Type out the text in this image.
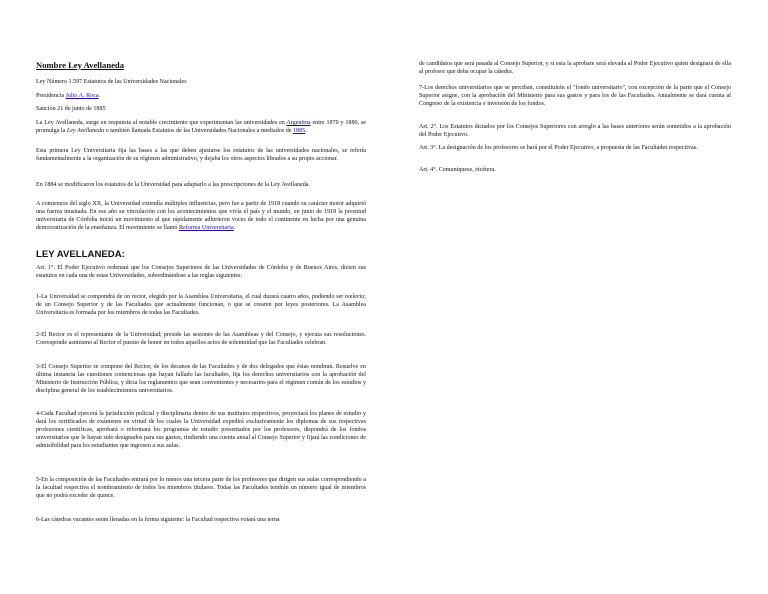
Nombre Ley Avellaneda

Ley Número 1.597 Estatutos de las Universidades Nacionales

Presidencia Julio A. Roca.

Sanción 21 de junio de 1885

La Ley Avellaneda, surge en respuesta al notable crecimiento que experimentan las universidades en Argentina entre 1870 y 1880, se promulga la Ley Avellaneda o también llamada Estatutos de las Universidades Nacionales a mediados de 1885.

Esta primera Ley Universitaria fija las bases a las que deben ajustarse los estatutos de las universidades nacionales, se refería fundamentalmente a la organización de su régimen administrativo, y dejaba los otros aspectos librados a su propio accionar.

En 1884 se modificaron los estatutos de la Universidad para adaptarlo a las prescripciones de la Ley Avellaneda.

A comienzos del siglo XX, la Universidad extendía múltiples influencias, pero fue a partir de 1918 cuando su carácter motor adquirió una fuerza inusitada. En ese año su vinculación con los acontecimientos que vivía el país y el mundo, en junio de 1918 la juventud universitaria de Córdoba inició un movimiento al que rápidamente adhirieron voces de todo el continente en lucha por una genuina democratización de la enseñanza. El movimiento se llamó Reforma Universitaria.

LEY AVELLANEDA:

Art. 1°. El Poder Ejecutivo ordenará que los Consejos Superiores de las Universidades de Córdoba y de Buenos Aires, dicten sus estatutos en cada una de estas Universidades, subordinándose a las reglas siguientes:

1-La Universidad se compondrá de un rector, elegido por la Asamblea Universitaria, el cual durará cuatro años, pudiendo ser reelecto; de un Consejo Superior y de las Facultades que actualmente funcionan, o que se crearen por leyes posteriores. La Asamblea Universitaria es formada por los miembros de todas las Facultades.

2-El Rector es el representante de la Universidad; preside las sesiones de las Asambleas y del Consejo, y ejecuta sus resoluciones. Corresponde asimismo al Rector el puesto de honor en todos aquellos actos de solemnidad que las Facultades celebran.

3-El Consejo Superior se compone del Rector, de los decanos de las Facultades y de dos delegados que éstas nombran. Resuelve en última instancia las cuestiones contenciosas que hayan fallado las facultades, fija los derechos universitarios con la aprobación del Ministerio de Instrucción Pública, y dicta los reglamentos que sean convenientes y necesarios para el régimen común de los estudios y disciplina general de los establecimientos universitarios.

4-Cada Facultad ejercerá la jurisdicción policial y disciplinaria dentro de sus institutos respectivos, proyectará los planes de estudio y dará los certificados de exámenes en virtud de los cuales la Universidad expedirá exclusivamente los diplomas de sus respectivas profesiones científicas, aprobará o reformará los programas de estudio presentados por los profesores, dispondrá de los fondos universitarios que le hayan sido designados para sus gastos, rindiendo una cuenta anual al Consejo Superior y fijará las condiciones de admisibilidad para los estudiantes que ingresen a sus aulas.

5-En la composición de las Facultades entrará por lo menos una tercera parte de los profesores que dirigen sus aulas correspondiendo a la facultad respectiva el nombramiento de todos los miembros titulares. Todas las Facultades tendrán un número igual de miembros que no podrá exceder de quince.

6-Las cátedras vacantes serán llenadas en la forma siguiente: la Facultad respectiva votará una terna

de candidatos que será pasada al Consejo Superior, y si esta la aprobare será elevada al Poder Ejecutivo quien designará de ella al profesor que deba ocupar la cátedra.

7-Los derechos universitarios que se perciban, constituirán el "fondo universitario", con excepción de la parte que el Consejo Superior asigne, con la aprobación del Ministerio para sus gastos y para los de las Facultades. Anualmente se dará cuenta al Congreso de la existencia e inversión de los fondos.

Art. 2°. Los Estatutos dictados por los Consejos Superiores con arreglo a las bases anteriores serán sometidos a la aprobación del Poder Ejecutivo.

Art. 3°. La designación de los profesores se hará por el Poder Ejecutivo, a propuesta de las Facultades respectivas.

Art. 4°. Comuníquese, etcétera.
